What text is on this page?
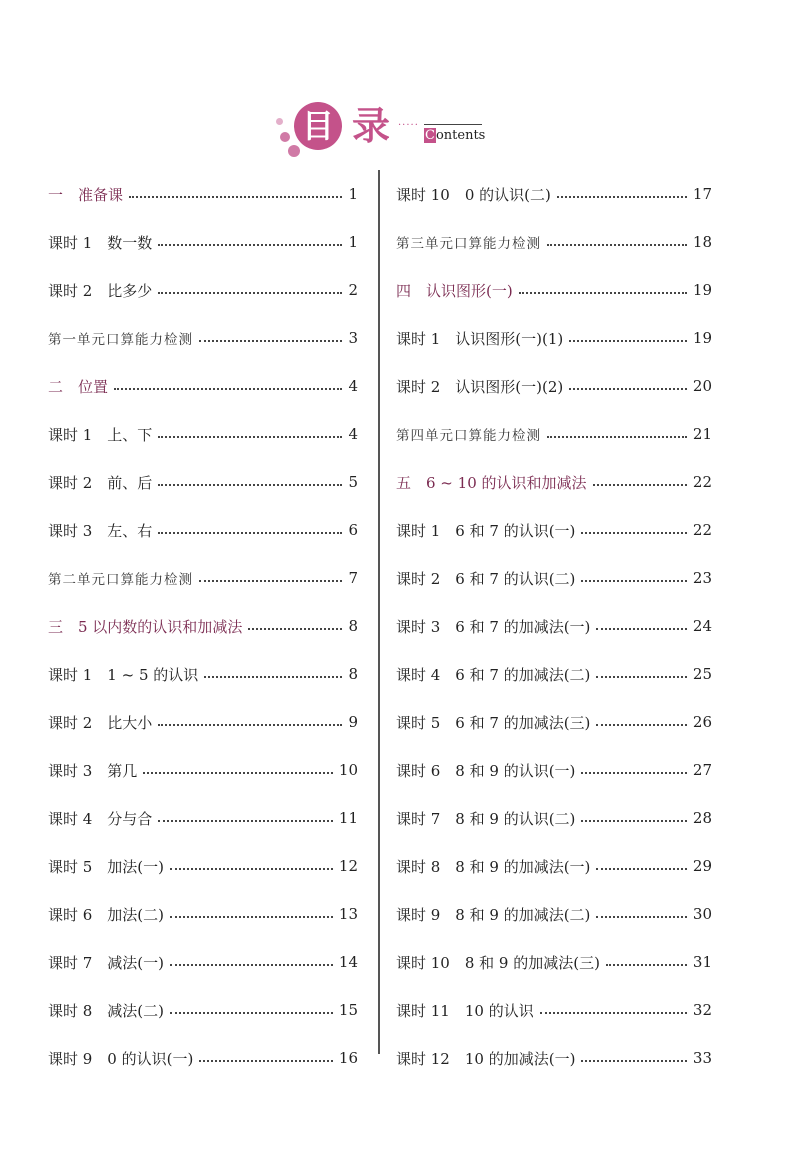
目 录 ·····
Contents
一　准备课	1
课时 1　数一数	1
课时 2　比多少	2
第一单元口算能力检测	3
二　位置	4
课时 1　上、下	4
课时 2　前、后	5
课时 3　左、右	6
第二单元口算能力检测	7
三　5 以内数的认识和加减法	8
课时 1　1 ~ 5 的认识	8
课时 2　比大小	9
课时 3　第几	10
课时 4　分与合	11
课时 5　加法(一)	12
课时 6　加法(二)	13
课时 7　减法(一)	14
课时 8　减法(二)	15
课时 9　0 的认识(一)	16
课时 10　0 的认识(二)	17
第三单元口算能力检测	18
四　认识图形(一)	19
课时 1　认识图形(一)(1)	19
课时 2　认识图形(一)(2)	20
第四单元口算能力检测	21
五　6 ~ 10 的认识和加减法	22
课时 1　6 和 7 的认识(一)	22
课时 2　6 和 7 的认识(二)	23
课时 3　6 和 7 的加减法(一)	24
课时 4　6 和 7 的加减法(二)	25
课时 5　6 和 7 的加减法(三)	26
课时 6　8 和 9 的认识(一)	27
课时 7　8 和 9 的认识(二)	28
课时 8　8 和 9 的加减法(一)	29
课时 9　8 和 9 的加减法(二)	30
课时 10　8 和 9 的加减法(三)	31
课时 11　10 的认识	32
课时 12　10 的加减法(一)	33
